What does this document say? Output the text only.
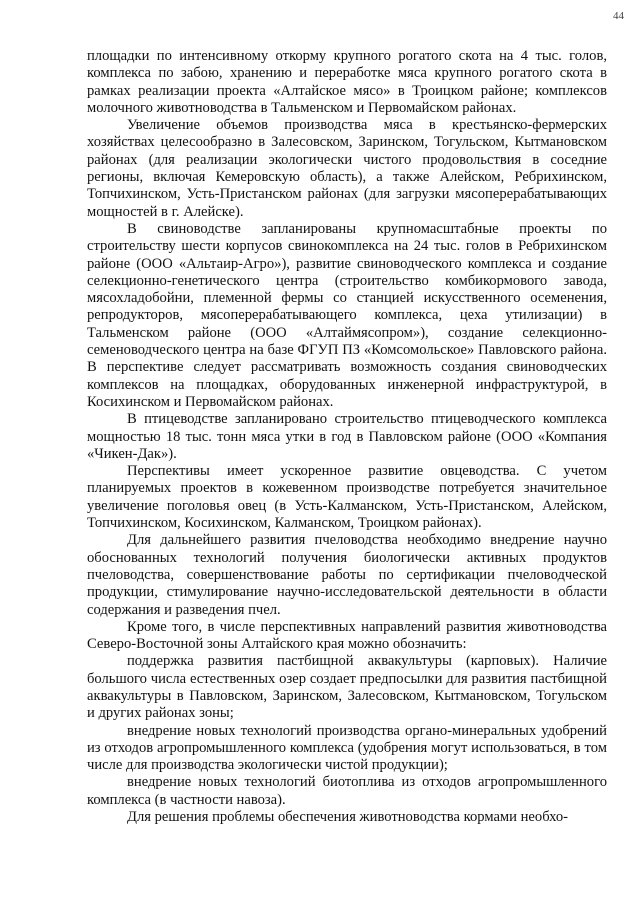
44

площадки по интенсивному откорму крупного рогатого скота на 4 тыс. голов, комплекса по забою, хранению и переработке мяса крупного рогатого скота в рамках реализации проекта «Алтайское мясо» в Троицком районе; комплексов молочного животноводства в Тальменском и Первомайском районах.

Увеличение объемов производства мяса в крестьянско-фермерских хозяйствах целесообразно в Залесовском, Заринском, Тогульском, Кытмановском районах (для реализации экологически чистого продовольствия в соседние регионы, включая Кемеровскую область), а также Алейском, Ребрихинском, Топчихинском, Усть-Пристанском районах (для загрузки мясоперерабатывающих мощностей в г. Алейске).

В свиноводстве запланированы крупномасштабные проекты по строительству шести корпусов свинокомплекса на 24 тыс. голов в Ребрихинском районе (ООО «Альтаир-Агро»), развитие свиноводческого комплекса и создание селекционно-генетического центра (строительство комбикормового завода, мясохладобойни, племенной фермы со станцией искусственного осеменения, репродукторов, мясоперерабатывающего комплекса, цеха утилизации) в Тальменском районе (ООО «Алтаймясопром»), создание селекционно-семеноводческого центра на базе ФГУП ПЗ «Комсомольское» Павловского района. В перспективе следует рассматривать возможность создания свиноводческих комплексов на площадках, оборудованных инженерной инфраструктурой, в Косихинском и Первомайском районах.

В птицеводстве запланировано строительство птицеводческого комплекса мощностью 18 тыс. тонн мяса утки в год в Павловском районе (ООО «Компания «Чикен-Дак»).

Перспективы имеет ускоренное развитие овцеводства. С учетом планируемых проектов в кожевенном производстве потребуется значительное увеличение поголовья овец (в Усть-Калманском, Усть-Пристанском, Алейском, Топчихинском, Косихинском, Калманском, Троицком районах).

Для дальнейшего развития пчеловодства необходимо внедрение научно обоснованных технологий получения биологически активных продуктов пчеловодства, совершенствование работы по сертификации пчеловодческой продукции, стимулирование научно-исследовательской деятельности в области содержания и разведения пчел.

Кроме того, в числе перспективных направлений развития животноводства Северо-Восточной зоны Алтайского края можно обозначить:

поддержка развития пастбищной аквакультуры (карповых). Наличие большого числа естественных озер создает предпосылки для развития пастбищной аквакультуры в Павловском, Заринском, Залесовском, Кытмановском, Тогульском и других районах зоны;

внедрение новых технологий производства органо-минеральных удобрений из отходов агропромышленного комплекса (удобрения могут использоваться, в том числе для производства экологически чистой продукции);

внедрение новых технологий биотоплива из отходов агропромышленного комплекса (в частности навоза).

Для решения проблемы обеспечения животноводства кормами необхо-
